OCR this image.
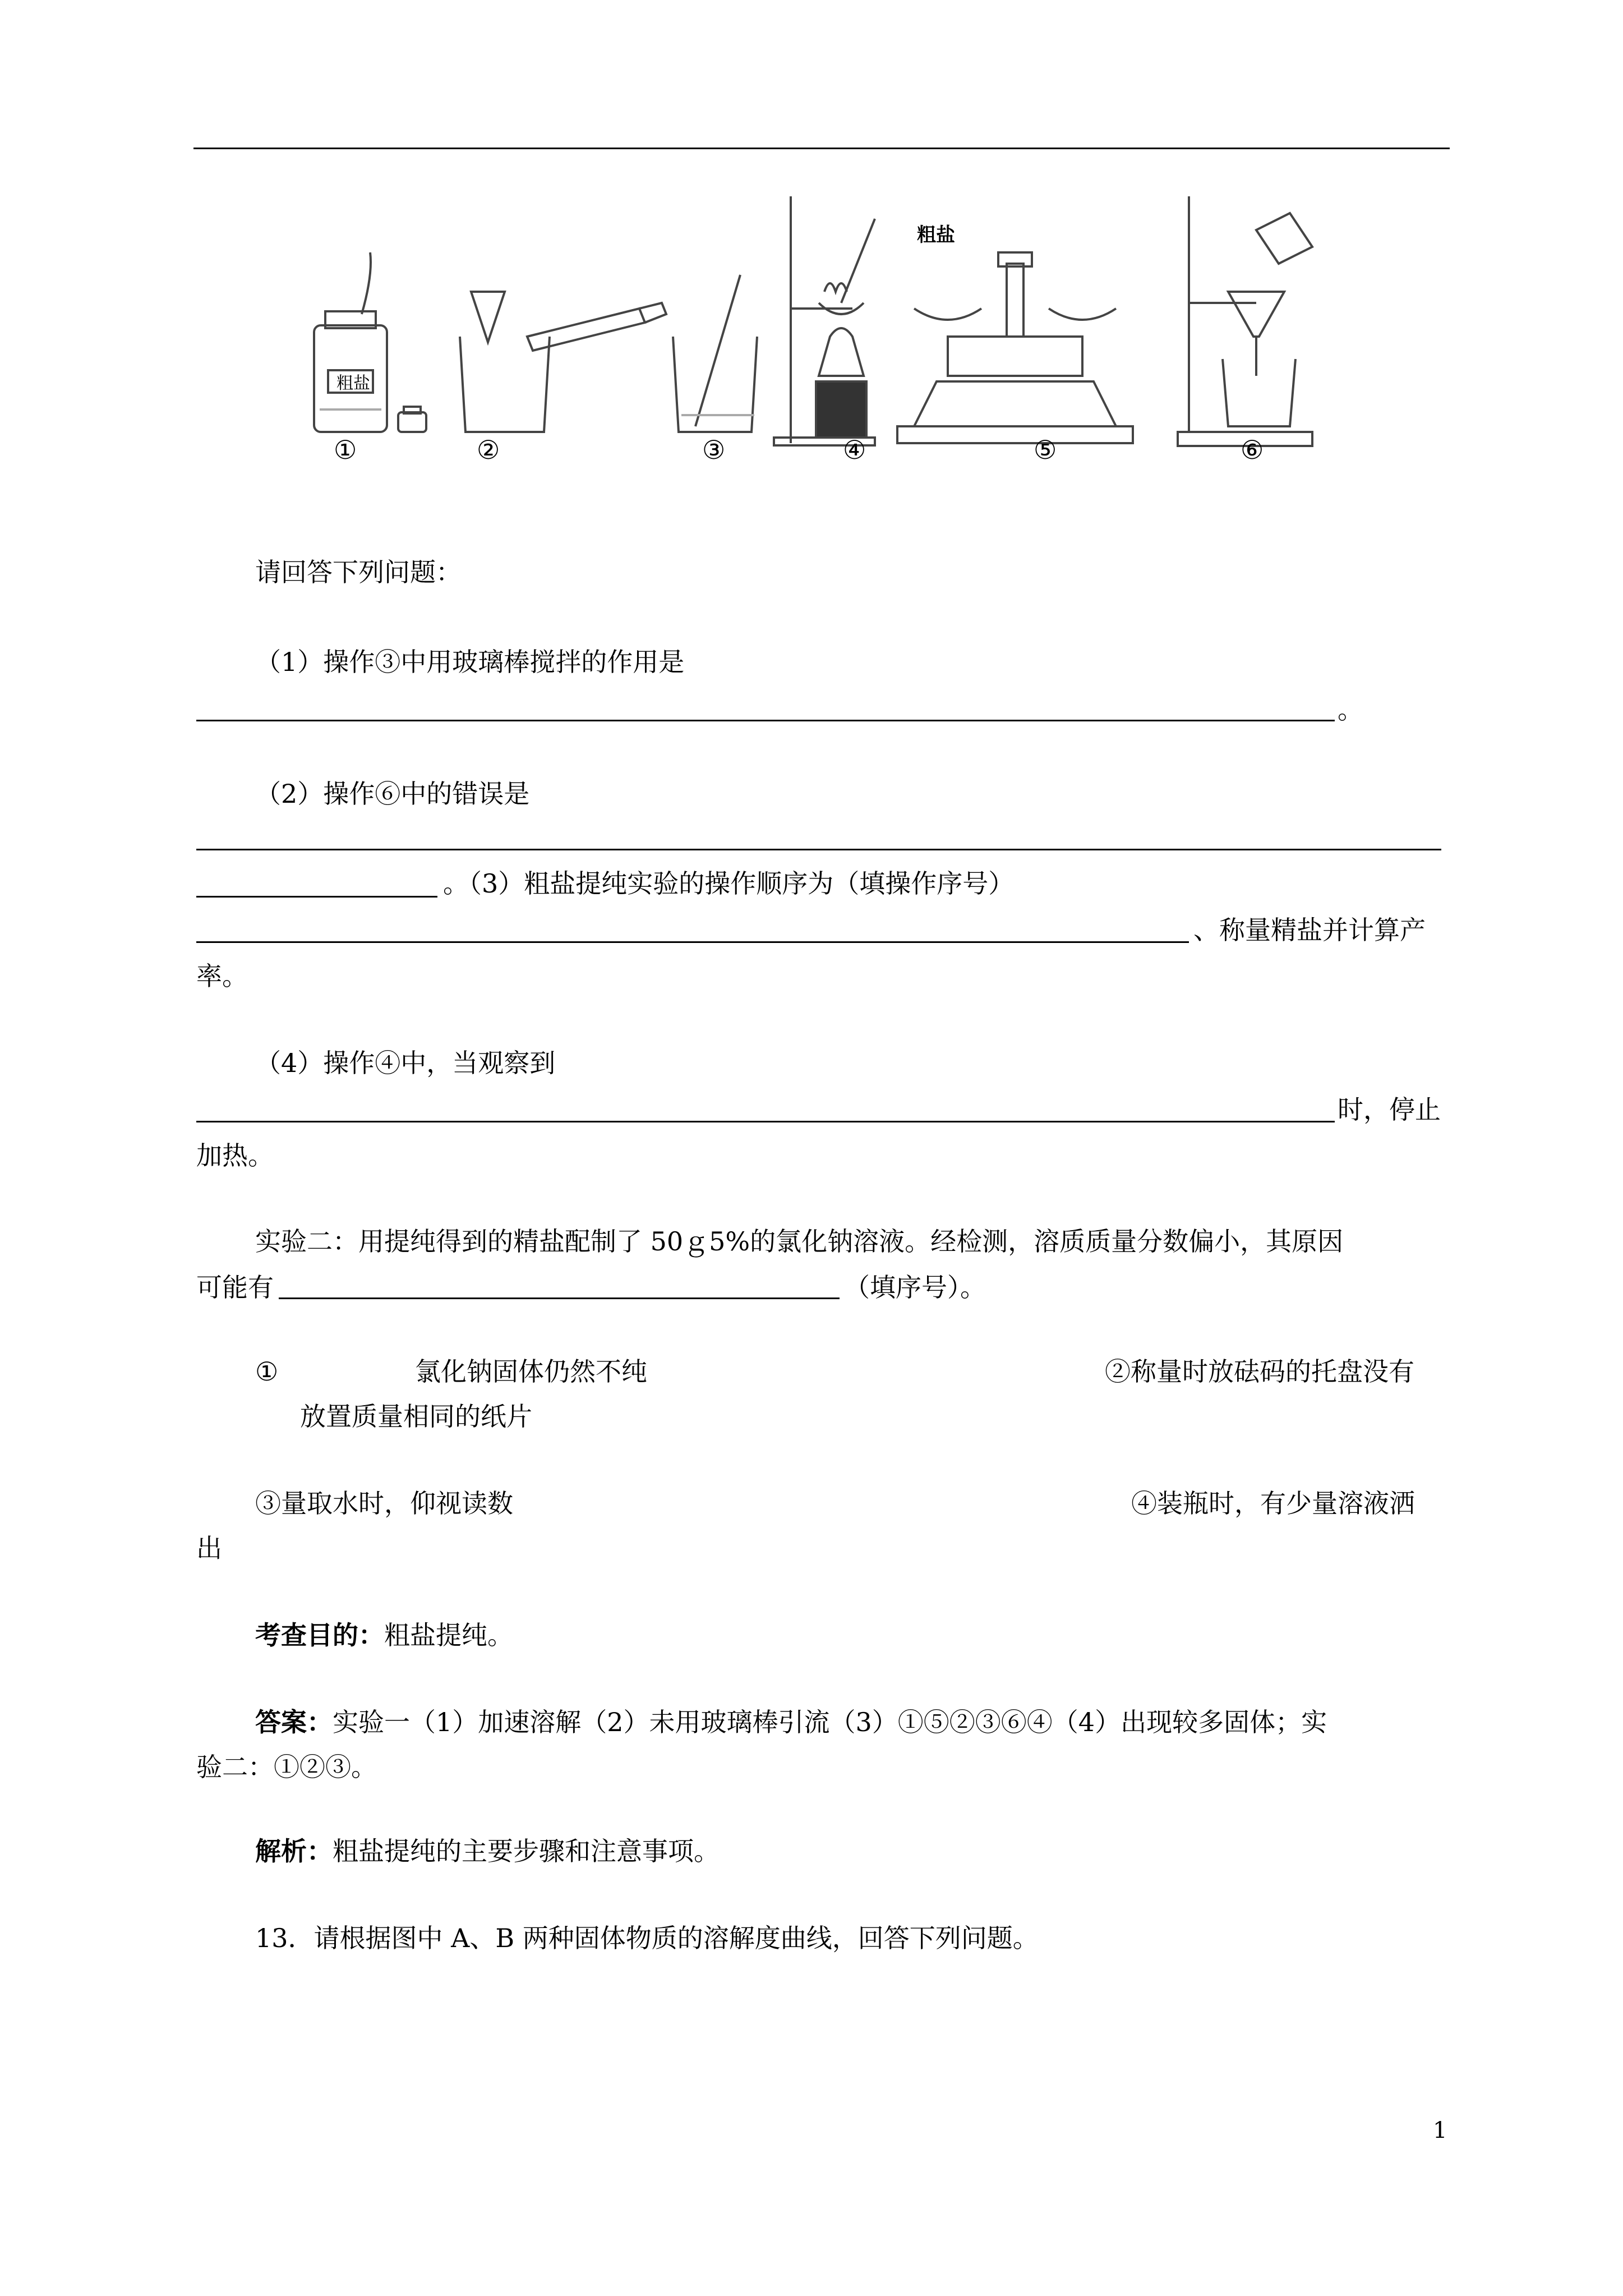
粗盐
粗盐
①	②	③	④	⑤	⑥
请回答下列问题：
（1）操作③中用玻璃棒搅拌的作用是
。
（2）操作⑥中的错误是
。（3）粗盐提纯实验的操作顺序为（填操作序号）
、称量精盐并计算产
率。
（4）操作④中，当观察到
时，停止
加热。
实验二：用提纯得到的精盐配制了 50ｇ5%的氯化钠溶液。经检测，溶质质量分数偏小，其原因
可能有	（填序号）。
①	氯化钠固体仍然不纯	②称量时放砝码的托盘没有
放置质量相同的纸片
③量取水时，仰视读数	④装瓶时，有少量溶液洒
出
考查目的：粗盐提纯。
答案：实验一（1）加速溶解（2）未用玻璃棒引流（3）①⑤②③⑥④（4）出现较多固体；实
验二：①②③。
解析：粗盐提纯的主要步骤和注意事项。
13．请根据图中 A、B 两种固体物质的溶解度曲线，回答下列问题。
1
